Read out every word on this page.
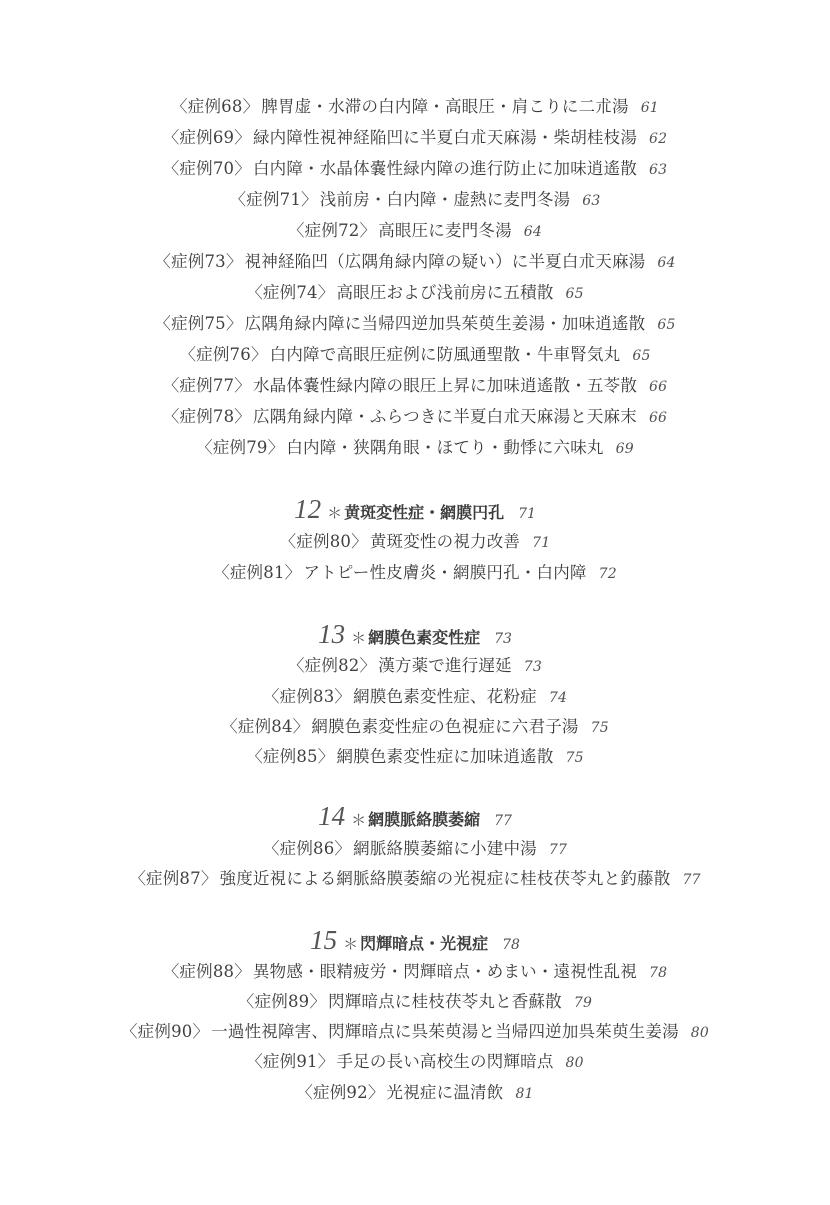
〈症例68〉 脾胃虚・水滞の白内障・高眼圧・肩こりに二朮湯 61
〈症例69〉 緑内障性視神経陥凹に半夏白朮天麻湯・柴胡桂枝湯 62
〈症例70〉 白内障・水晶体嚢性緑内障の進行防止に加味逍遙散 63
〈症例71〉 浅前房・白内障・虚熱に麦門冬湯 63
〈症例72〉 高眼圧に麦門冬湯 64
〈症例73〉 視神経陥凹（広隅角緑内障の疑い）に半夏白朮天麻湯 64
〈症例74〉 高眼圧および浅前房に五積散 65
〈症例75〉 広隅角緑内障に当帰四逆加呉茱萸生姜湯・加味逍遙散 65
〈症例76〉 白内障で高眼圧症例に防風通聖散・牛車腎気丸 65
〈症例77〉 水晶体嚢性緑内障の眼圧上昇に加味逍遙散・五苓散 66
〈症例78〉 広隅角緑内障・ふらつきに半夏白朮天麻湯と天麻末 66
〈症例79〉 白内障・狭隅角眼・ほてり・動悸に六味丸 69
12 ＊ 黄斑変性症・網膜円孔 71
〈症例80〉 黄斑変性の視力改善 71
〈症例81〉 アトピー性皮膚炎・網膜円孔・白内障 72
13 ＊ 網膜色素変性症 73
〈症例82〉 漢方薬で進行遅延 73
〈症例83〉 網膜色素変性症、花粉症 74
〈症例84〉 網膜色素変性症の色視症に六君子湯 75
〈症例85〉 網膜色素変性症に加味逍遙散 75
14 ＊ 網膜脈絡膜萎縮 77
〈症例86〉 網脈絡膜萎縮に小建中湯 77
〈症例87〉 強度近視による網脈絡膜萎縮の光視症に桂枝茯苓丸と釣藤散 77
15 ＊ 閃輝暗点・光視症 78
〈症例88〉 異物感・眼精疲労・閃輝暗点・めまい・遠視性乱視 78
〈症例89〉 閃輝暗点に桂枝茯苓丸と香蘇散 79
〈症例90〉 一過性視障害、閃輝暗点に呉茱萸湯と当帰四逆加呉茱萸生姜湯 80
〈症例91〉 手足の長い高校生の閃輝暗点 80
〈症例92〉 光視症に温清飲 81
